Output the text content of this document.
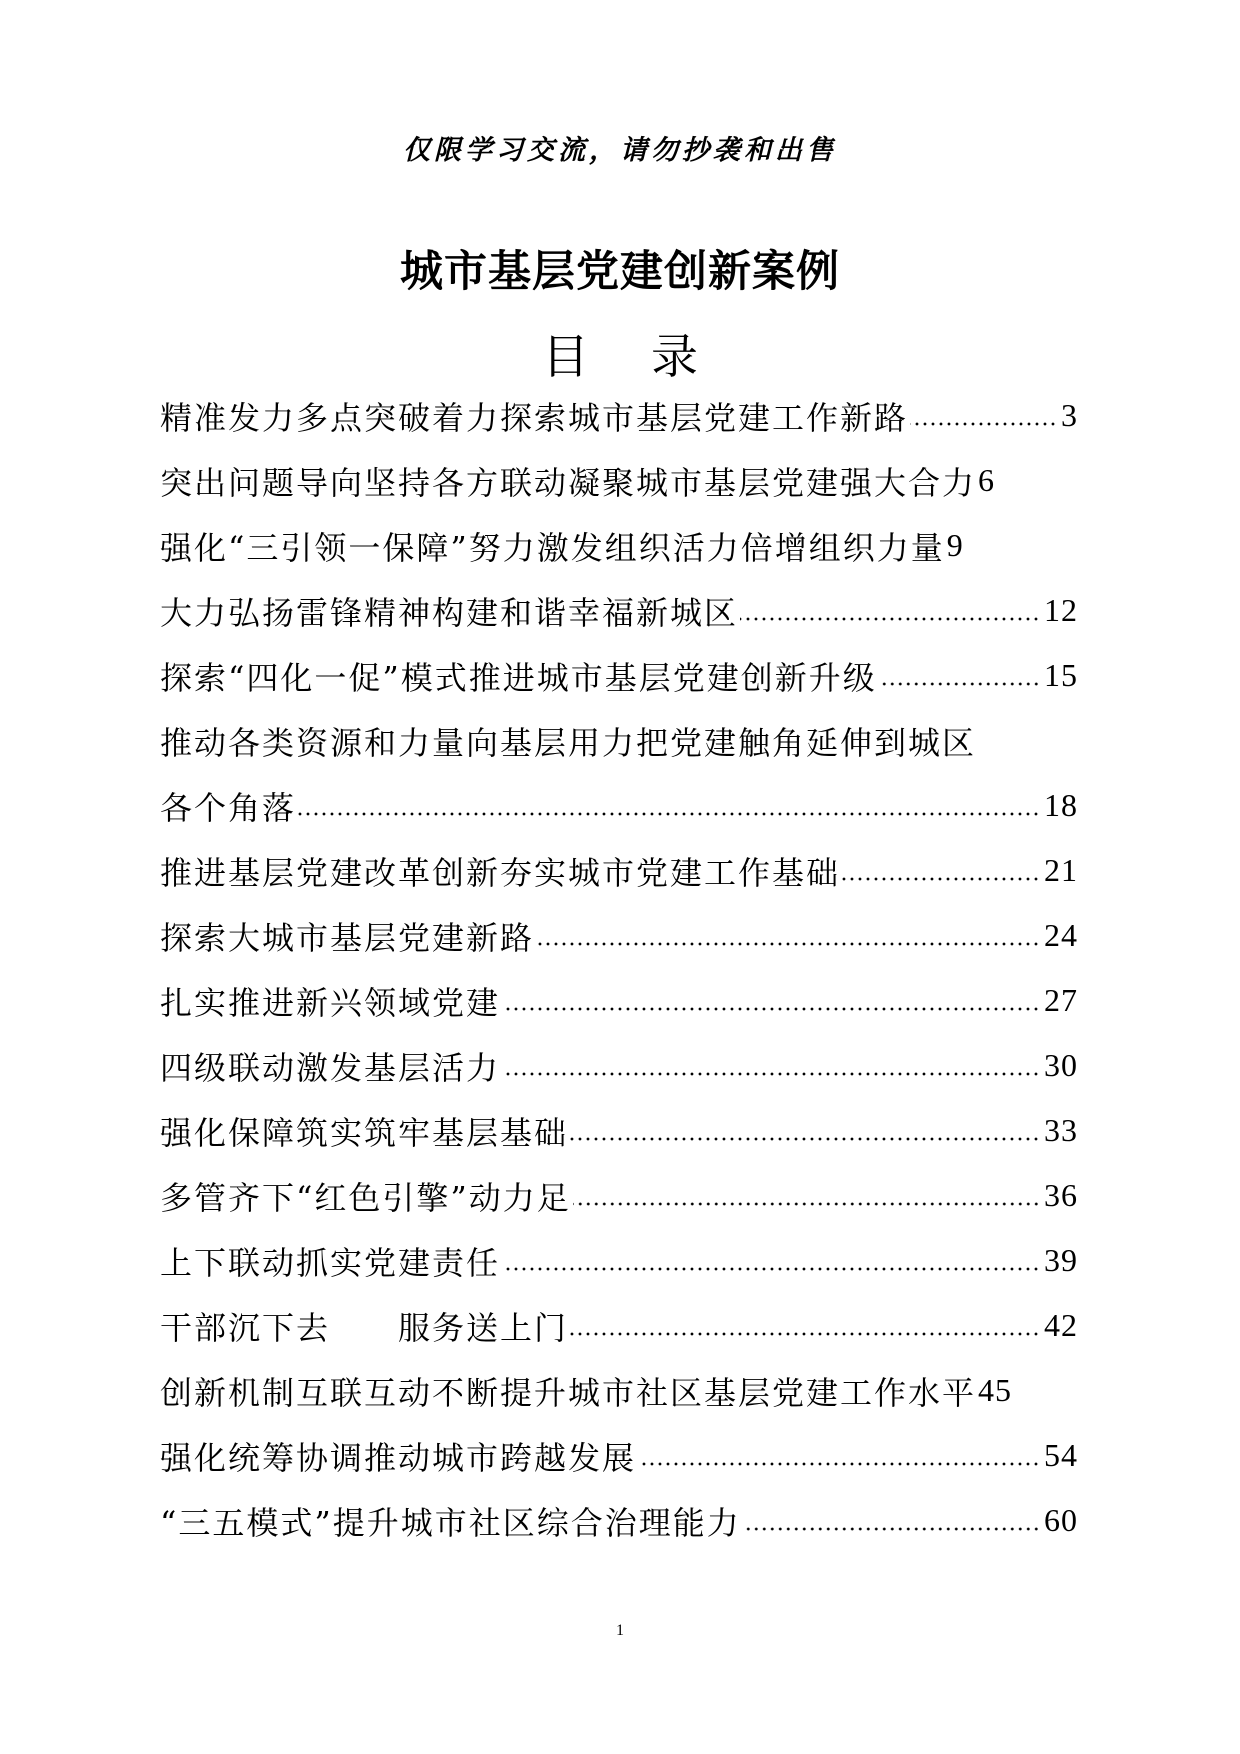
仅限学习交流，请勿抄袭和出售
城市基层党建创新案例
目 录
精准发力多点突破着力探索城市基层党建工作新路	3
突出问题导向坚持各方联动凝聚城市基层党建强大合力 6
强化“三引领一保障”努力激发组织活力倍增组织力量 9
大力弘扬雷锋精神构建和谐幸福新城区	12
探索“四化一促”模式推进城市基层党建创新升级	15
推动各类资源和力量向基层用力把党建触角延伸到城区
各个角落	18
推进基层党建改革创新夯实城市党建工作基础	21
探索大城市基层党建新路	24
扎实推进新兴领域党建	27
四级联动激发基层活力	30
强化保障筑实筑牢基层基础	33
多管齐下“红色引擎”动力足	36
上下联动抓实党建责任	39
干部沉下去　　服务送上门	42
创新机制互联互动不断提升城市社区基层党建工作水平 45
强化统筹协调推动城市跨越发展	54
“三五模式”提升城市社区综合治理能力	60
1
